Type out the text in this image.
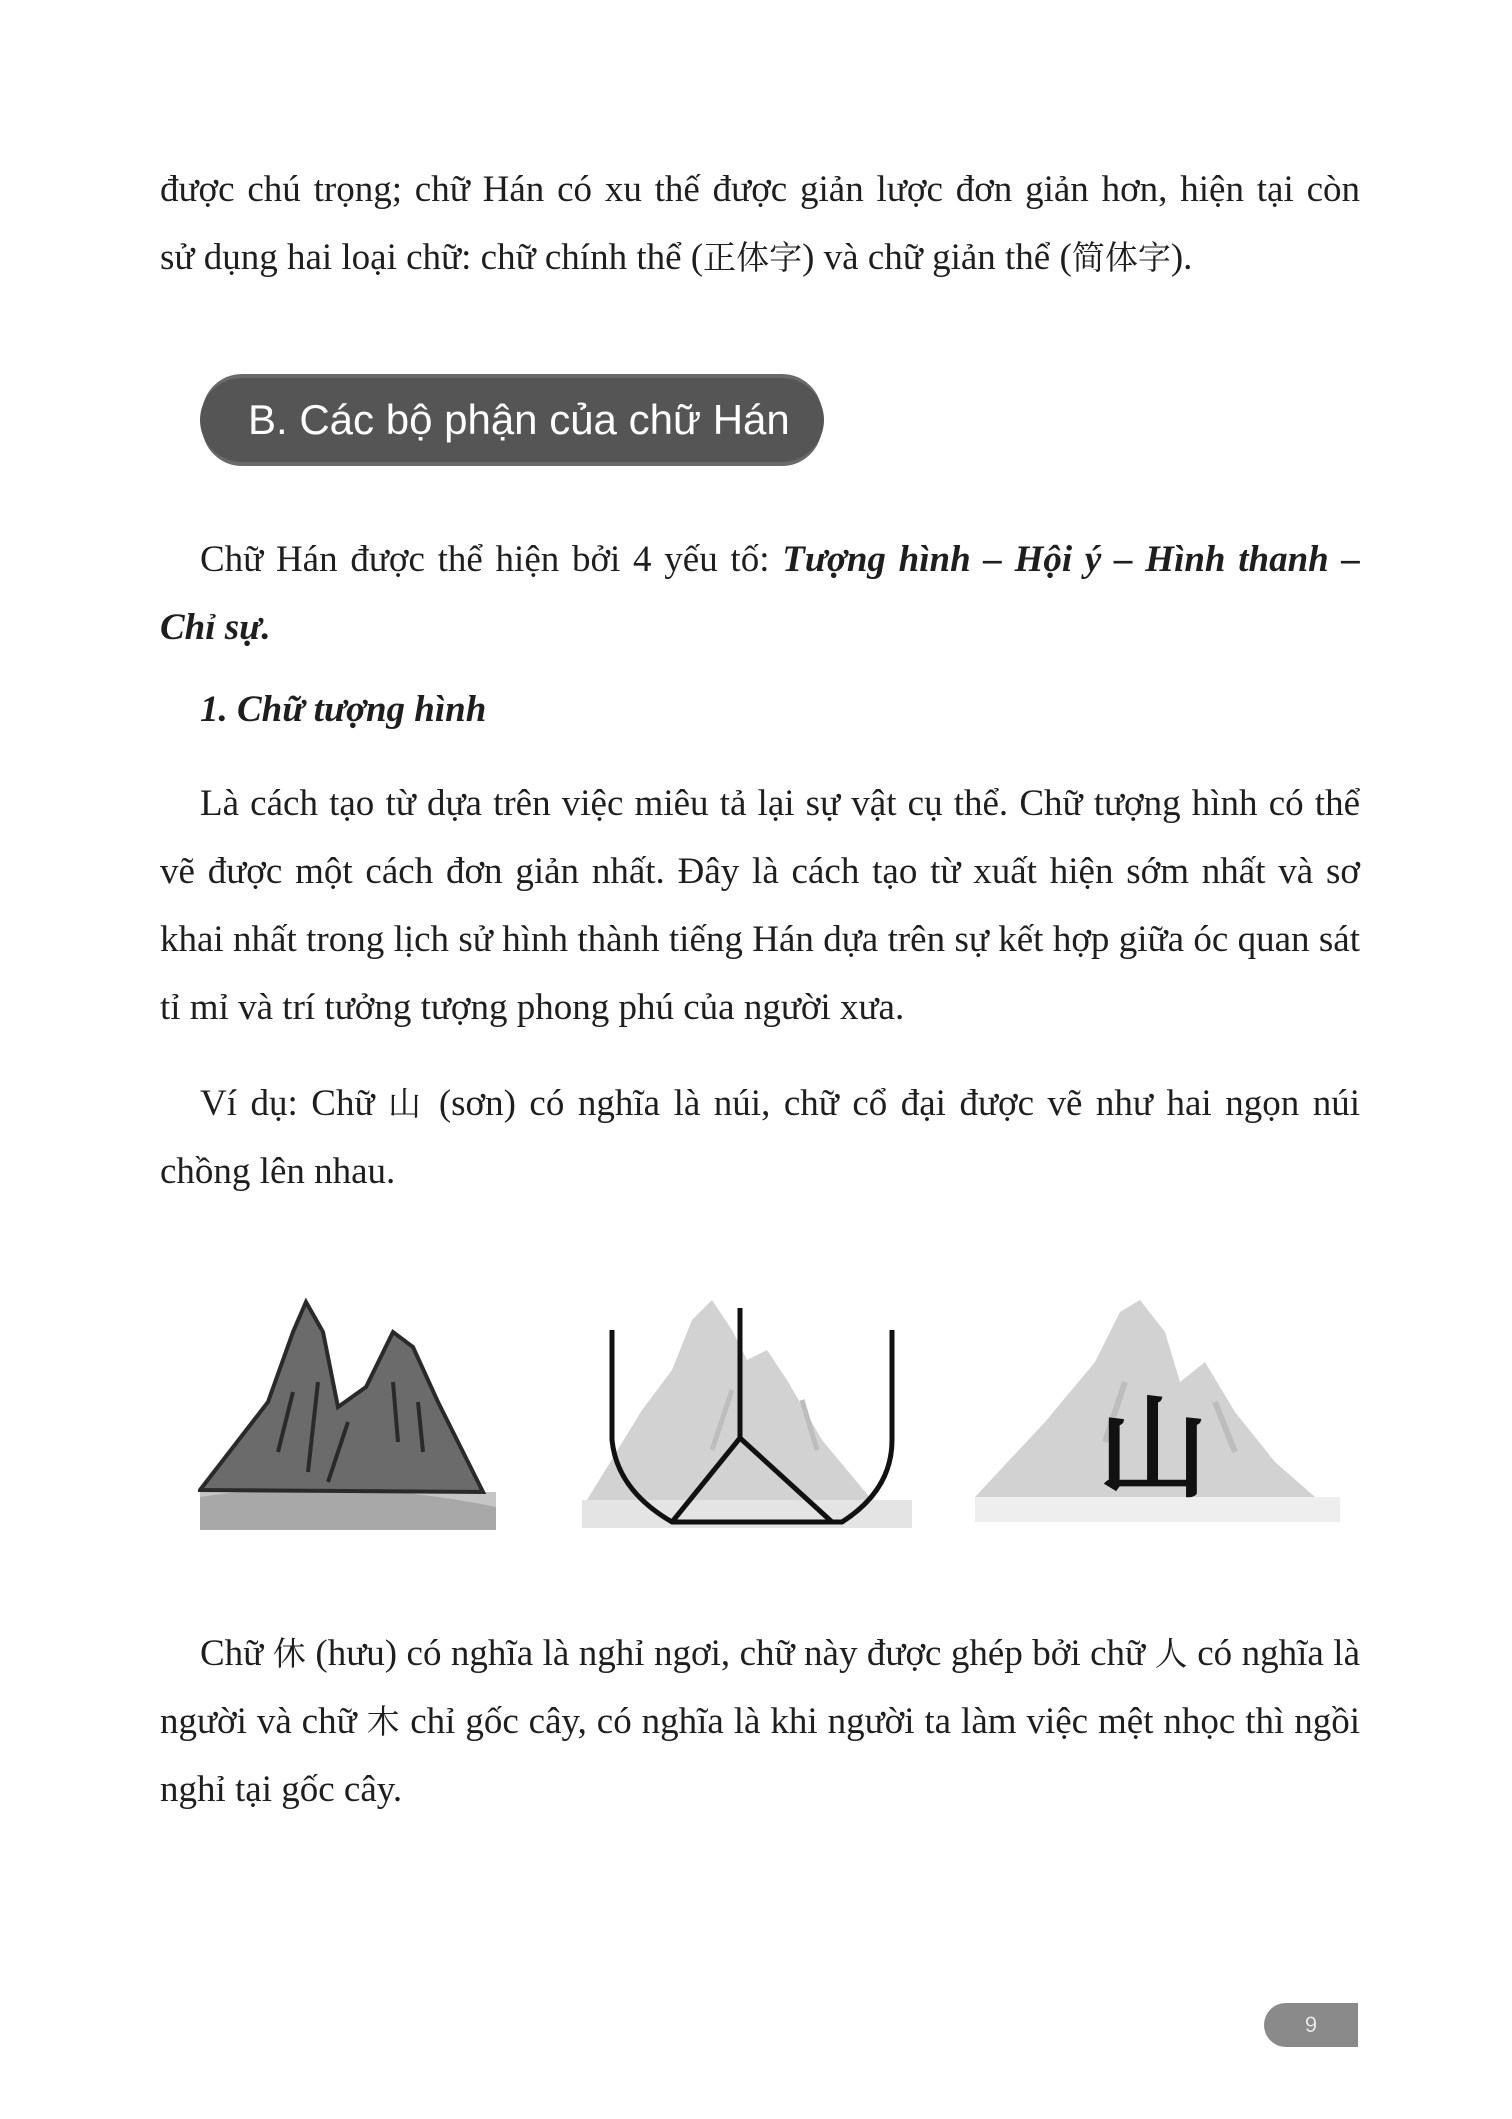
được chú trọng; chữ Hán có xu thế được giản lược đơn giản hơn, hiện tại còn

sử dụng hai loại chữ: chữ chính thể (正体字) và chữ giản thể (简体字).

B. Các bộ phận của chữ Hán

Chữ Hán được thể hiện bởi 4 yếu tố: Tượng hình – Hội ý – Hình thanh – Chỉ sự.

1. Chữ tượng hình

Là cách tạo từ dựa trên việc miêu tả lại sự vật cụ thể. Chữ tượng hình có thể vẽ được một cách đơn giản nhất. Đây là cách tạo từ xuất hiện sớm nhất và sơ khai nhất trong lịch sử hình thành tiếng Hán dựa trên sự kết hợp giữa óc quan sát tỉ mỉ và trí tưởng tượng phong phú của người xưa.

Ví dụ: Chữ 山 (sơn) có nghĩa là núi, chữ cổ đại được vẽ như hai ngọn núi chồng lên nhau.

山

Chữ 休 (hưu) có nghĩa là nghỉ ngơi, chữ này được ghép bởi chữ 人 có nghĩa là người và chữ 木 chỉ gốc cây, có nghĩa là khi người ta làm việc mệt nhọc thì ngồi nghỉ tại gốc cây.

9
